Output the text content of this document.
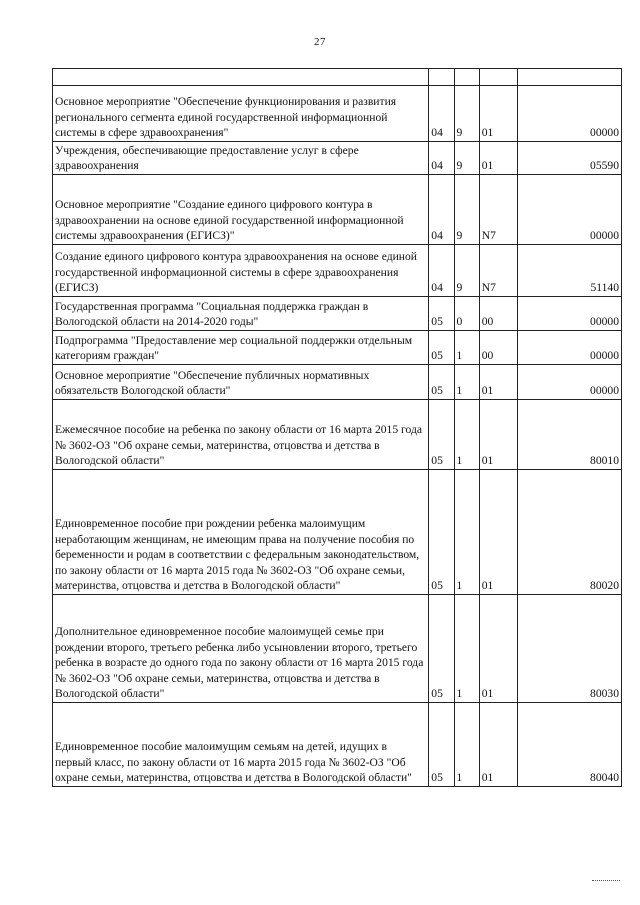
27

Основное мероприятие "Обеспечение функционирования и развития регионального сегмента единой государственной информационной системы в сфере здравоохранения"	04	9	01	00000
Учреждения, обеспечивающие предоставление услуг в сфере здравоохранения	04	9	01	05590
Основное мероприятие "Создание единого цифрового контура в здравоохранении на основе единой государственной информационной системы здравоохранения (ЕГИСЗ)"	04	9	N7	00000
Создание единого цифрового контура здравоохранения на основе единой государственной информационной системы в сфере здравоохранения (ЕГИСЗ)	04	9	N7	51140
Государственная программа "Социальная поддержка граждан в Вологодской области на 2014-2020 годы"	05	0	00	00000
Подпрограмма "Предоставление мер социальной поддержки отдельным категориям граждан"	05	1	00	00000
Основное мероприятие "Обеспечение публичных нормативных обязательств Вологодской области"	05	1	01	00000
Ежемесячное пособие на ребенка по закону области от 16 марта 2015 года № 3602-ОЗ "Об охране семьи, материнства, отцовства и детства в Вологодской области"	05	1	01	80010
Единовременное пособие при рождении ребенка малоимущим неработающим женщинам, не имеющим права на получение пособия по беременности и родам в соответствии с федеральным законодательством, по закону области от 16 марта 2015 года № 3602-ОЗ "Об охране семьи, материнства, отцовства и детства в Вологодской области"	05	1	01	80020
Дополнительное единовременное пособие малоимущей семье при рождении второго, третьего ребенка либо усыновлении второго, третьего ребенка в возрасте до одного года по закону области от 16 марта 2015 года № 3602-ОЗ "Об охране семьи, материнства, отцовства и детства в Вологодской области"	05	1	01	80030
Единовременное пособие малоимущим семьям на детей, идущих в первый класс, по закону области от 16 марта 2015 года № 3602-ОЗ "Об охране семьи, материнства, отцовства и детства в Вологодской области"	05	1	01	80040
